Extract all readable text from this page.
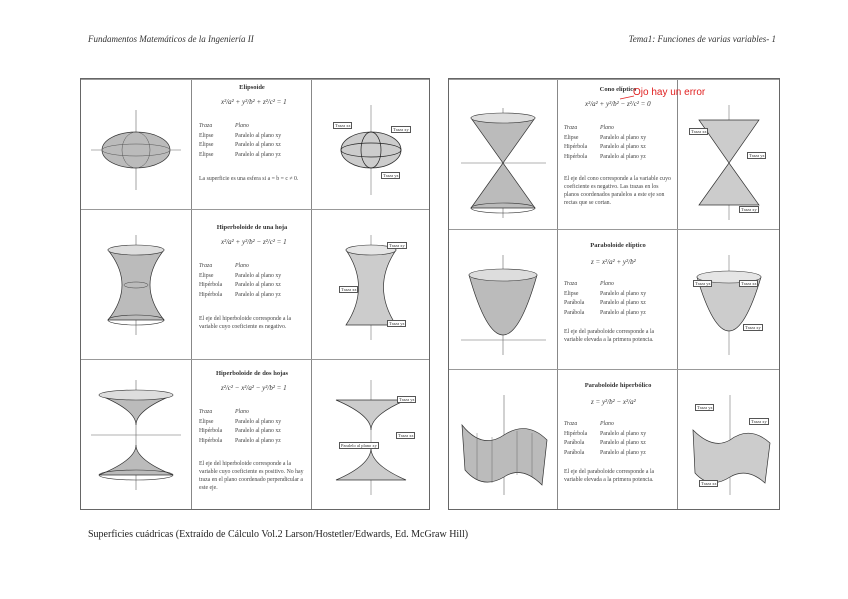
Fundamentos Matemáticos de la Ingeniería II	Tema1: Funciones de varias variables- 1
Elipsoide
x²/a² + y²/b² + z²/c² = 1
Traza	Plano
Elipse	Paralelo al plano xy
Elipse	Paralelo al plano xz
Elipse	Paralelo al plano yz
La superficie es una esfera si a = b = c ≠ 0.
Traza xz
Traza xy
Traza yz
Hiperboloide de una hoja
x²/a² + y²/b² − z²/c² = 1
Traza	Plano
Elipse	Paralelo al plano xy
Hipérbola	Paralelo al plano xz
Hipérbola	Paralelo al plano yz
El eje del hiperboloide corresponde a la variable cuyo coeficiente es negativo.
Traza xy
Traza xz
Traza yz
Hiperboloide de dos hojas
z²/c² − x²/a² − y²/b² = 1
Traza	Plano
Elipse	Paralelo al plano xy
Hipérbola	Paralelo al plano xz
Hipérbola	Paralelo al plano yz
El eje del hiperboloide corresponde a la variable cuyo coeficiente es positivo. No hay traza en el plano coordenado perpendicular a este eje.
Traza yz
Traza xz
Paralelo al plano xy
Cono elíptico
x²/a² + y²/b² − z²/c² = 0
Traza	Plano
Elipse	Paralelo al plano xy
Hipérbola	Paralelo al plano xz
Hipérbola	Paralelo al plano yz
El eje del cono corresponde a la variable cuyo coeficiente es negativo. Las trazas en los planos coordenados paralelos a este eje son rectas que se cortan.
Traza xz
Traza yz
Traza xy
Paraboloide elíptico
z = x²/a² + y²/b²
Traza	Plano
Elipse	Paralelo al plano xy
Parábola	Paralelo al plano xz
Parábola	Paralelo al plano yz
El eje del paraboloide corresponde a la variable elevada a la primera potencia.
Traza yz	Traza xz
Traza xy
Paraboloide hiperbólico
z = y²/b² − x²/a²
Traza	Plano
Hipérbola	Paralelo al plano xy
Parábola	Paralelo al plano xz
Parábola	Paralelo al plano yz
El eje del paraboloide corresponde a la variable elevada a la primera potencia.
Traza yz
Traza xy
Traza xz
Ojo hay un error
Superficies cuádricas (Extraído de Cálculo Vol.2 Larson/Hostetler/Edwards, Ed. McGraw Hill)
